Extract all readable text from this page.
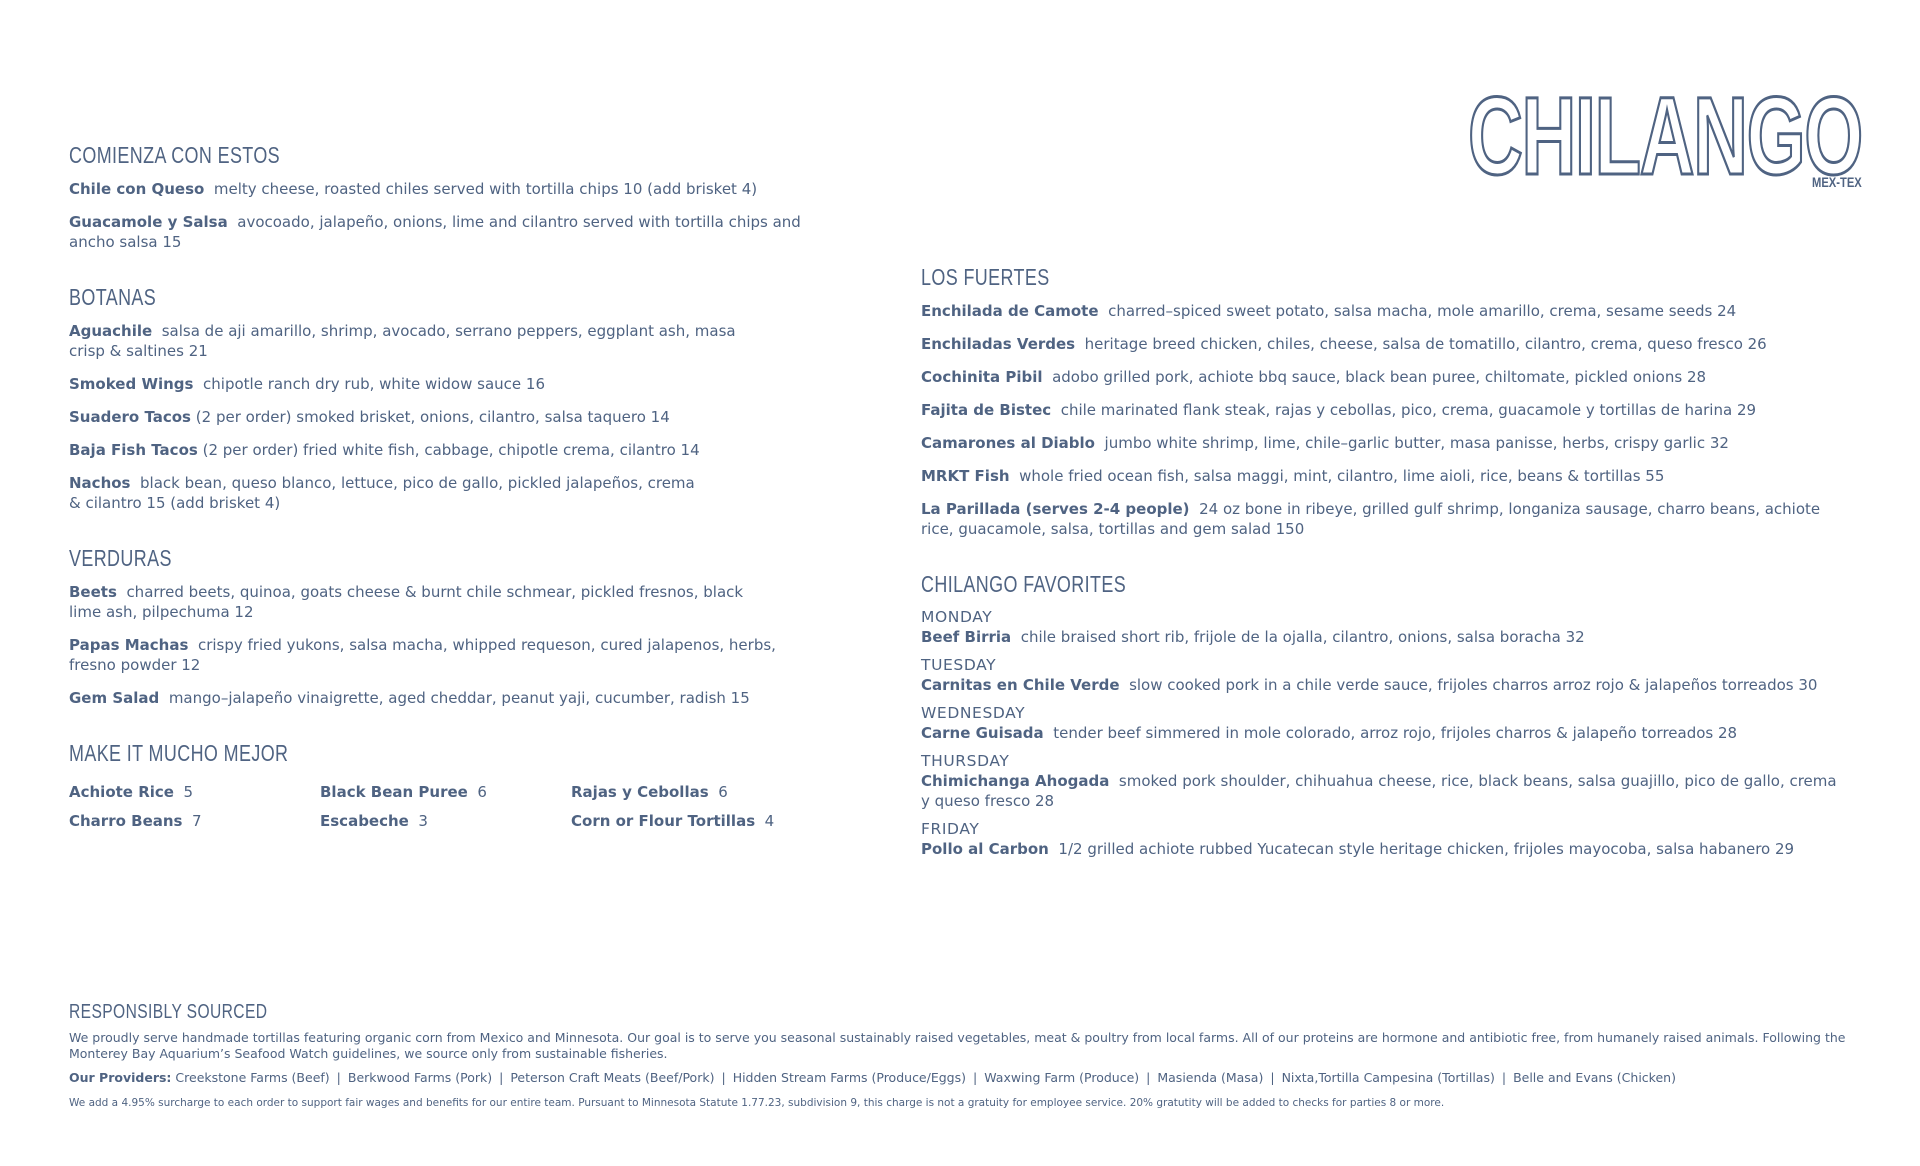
CHILANGO
MEX-TEX
COMIENZA CON ESTOS
Chile con Queso melty cheese, roasted chiles served with tortilla chips 10 (add brisket 4)
Guacamole y Salsa avocoado, jalapeño, onions, lime and cilantro served with tortilla chips and ancho salsa 15
BOTANAS
Aguachile salsa de aji amarillo, shrimp, avocado, serrano peppers, eggplant ash, masa crisp & saltines 21
Smoked Wings chipotle ranch dry rub, white widow sauce 16
Suadero Tacos (2 per order) smoked brisket, onions, cilantro, salsa taquero 14
Baja Fish Tacos (2 per order) fried white fish, cabbage, chipotle crema, cilantro 14
Nachos black bean, queso blanco, lettuce, pico de gallo, pickled jalapeños, crema & cilantro 15 (add brisket 4)
VERDURAS
Beets charred beets, quinoa, goats cheese & burnt chile schmear, pickled fresnos, black lime ash, pilpechuma 12
Papas Machas crispy fried yukons, salsa macha, whipped requeson, cured jalapenos, herbs, fresno powder 12
Gem Salad mango–jalapeño vinaigrette, aged cheddar, peanut yaji, cucumber, radish 15
MAKE IT MUCHO MEJOR
Achiote Rice 5	Black Bean Puree 6	Rajas y Cebollas 6
Charro Beans 7	Escabeche 3	Corn or Flour Tortillas 4
LOS FUERTES
Enchilada de Camote charred–spiced sweet potato, salsa macha, mole amarillo, crema, sesame seeds 24
Enchiladas Verdes heritage breed chicken, chiles, cheese, salsa de tomatillo, cilantro, crema, queso fresco 26
Cochinita Pibil adobo grilled pork, achiote bbq sauce, black bean puree, chiltomate, pickled onions 28
Fajita de Bistec chile marinated flank steak, rajas y cebollas, pico, crema, guacamole y tortillas de harina 29
Camarones al Diablo jumbo white shrimp, lime, chile–garlic butter, masa panisse, herbs, crispy garlic 32
MRKT Fish whole fried ocean fish, salsa maggi, mint, cilantro, lime aioli, rice, beans & tortillas 55
La Parillada (serves 2-4 people) 24 oz bone in ribeye, grilled gulf shrimp, longaniza sausage, charro beans, achiote rice, guacamole, salsa, tortillas and gem salad 150
CHILANGO FAVORITES
MONDAY
Beef Birria chile braised short rib, frijole de la ojalla, cilantro, onions, salsa boracha 32
TUESDAY
Carnitas en Chile Verde slow cooked pork in a chile verde sauce, frijoles charros arroz rojo & jalapeños torreados 30
WEDNESDAY
Carne Guisada tender beef simmered in mole colorado, arroz rojo, frijoles charros & jalapeño torreados 28
THURSDAY
Chimichanga Ahogada smoked pork shoulder, chihuahua cheese, rice, black beans, salsa guajillo, pico de gallo, crema y queso fresco 28
FRIDAY
Pollo al Carbon 1/2 grilled achiote rubbed Yucatecan style heritage chicken, frijoles mayocoba, salsa habanero 29
RESPONSIBLY SOURCED
We proudly serve handmade tortillas featuring organic corn from Mexico and Minnesota. Our goal is to serve you seasonal sustainably raised vegetables, meat & poultry from local farms. All of our proteins are hormone and antibiotic free, from humanely raised animals. Following the Monterey Bay Aquarium’s Seafood Watch guidelines, we source only from sustainable fisheries.
Our Providers: Creekstone Farms (Beef) | Berkwood Farms (Pork) | Peterson Craft Meats (Beef/Pork) | Hidden Stream Farms (Produce/Eggs) | Waxwing Farm (Produce) | Masienda (Masa) | Nixta,Tortilla Campesina (Tortillas) | Belle and Evans (Chicken)
We add a 4.95% surcharge to each order to support fair wages and benefits for our entire team. Pursuant to Minnesota Statute 1.77.23, subdivision 9, this charge is not a gratuity for employee service. 20% gratutity will be added to checks for parties 8 or more.
